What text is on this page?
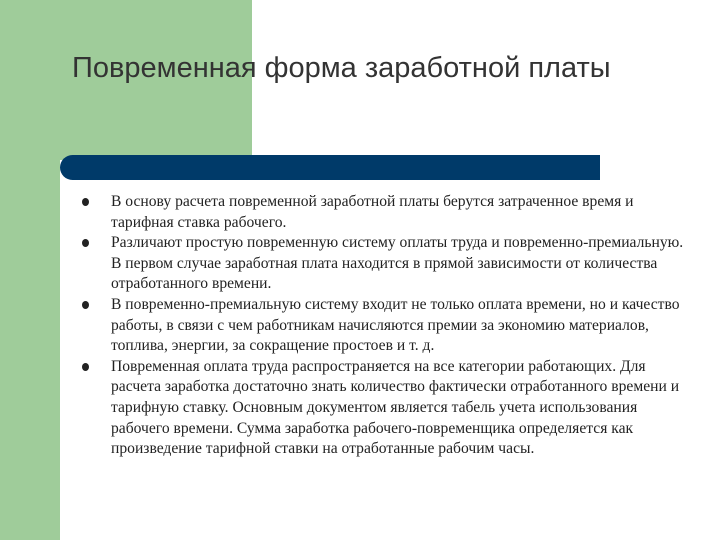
Повременная форма заработной платы
В основу расчета повременной заработной платы берутся затраченное время и тарифная ставка рабочего.
Различают простую повременную систему оплаты труда и повременно-премиальную. В первом случае заработная плата находится в прямой зависимости от количества отработанного времени.
В повременно-премиальную систему входит не только оплата времени, но и качество работы, в связи с чем работникам начисляются премии за экономию материалов, топлива, энергии, за сокращение простоев и т. д.
Повременная оплата труда распространяется на все категории работающих. Для расчета заработка достаточно знать количество фактически отработанного времени и тарифную ставку. Основным документом является табель учета использования рабочего времени. Сумма заработка рабочего-повременщика определяется как произведение тарифной ставки на отработанные рабочим часы.
